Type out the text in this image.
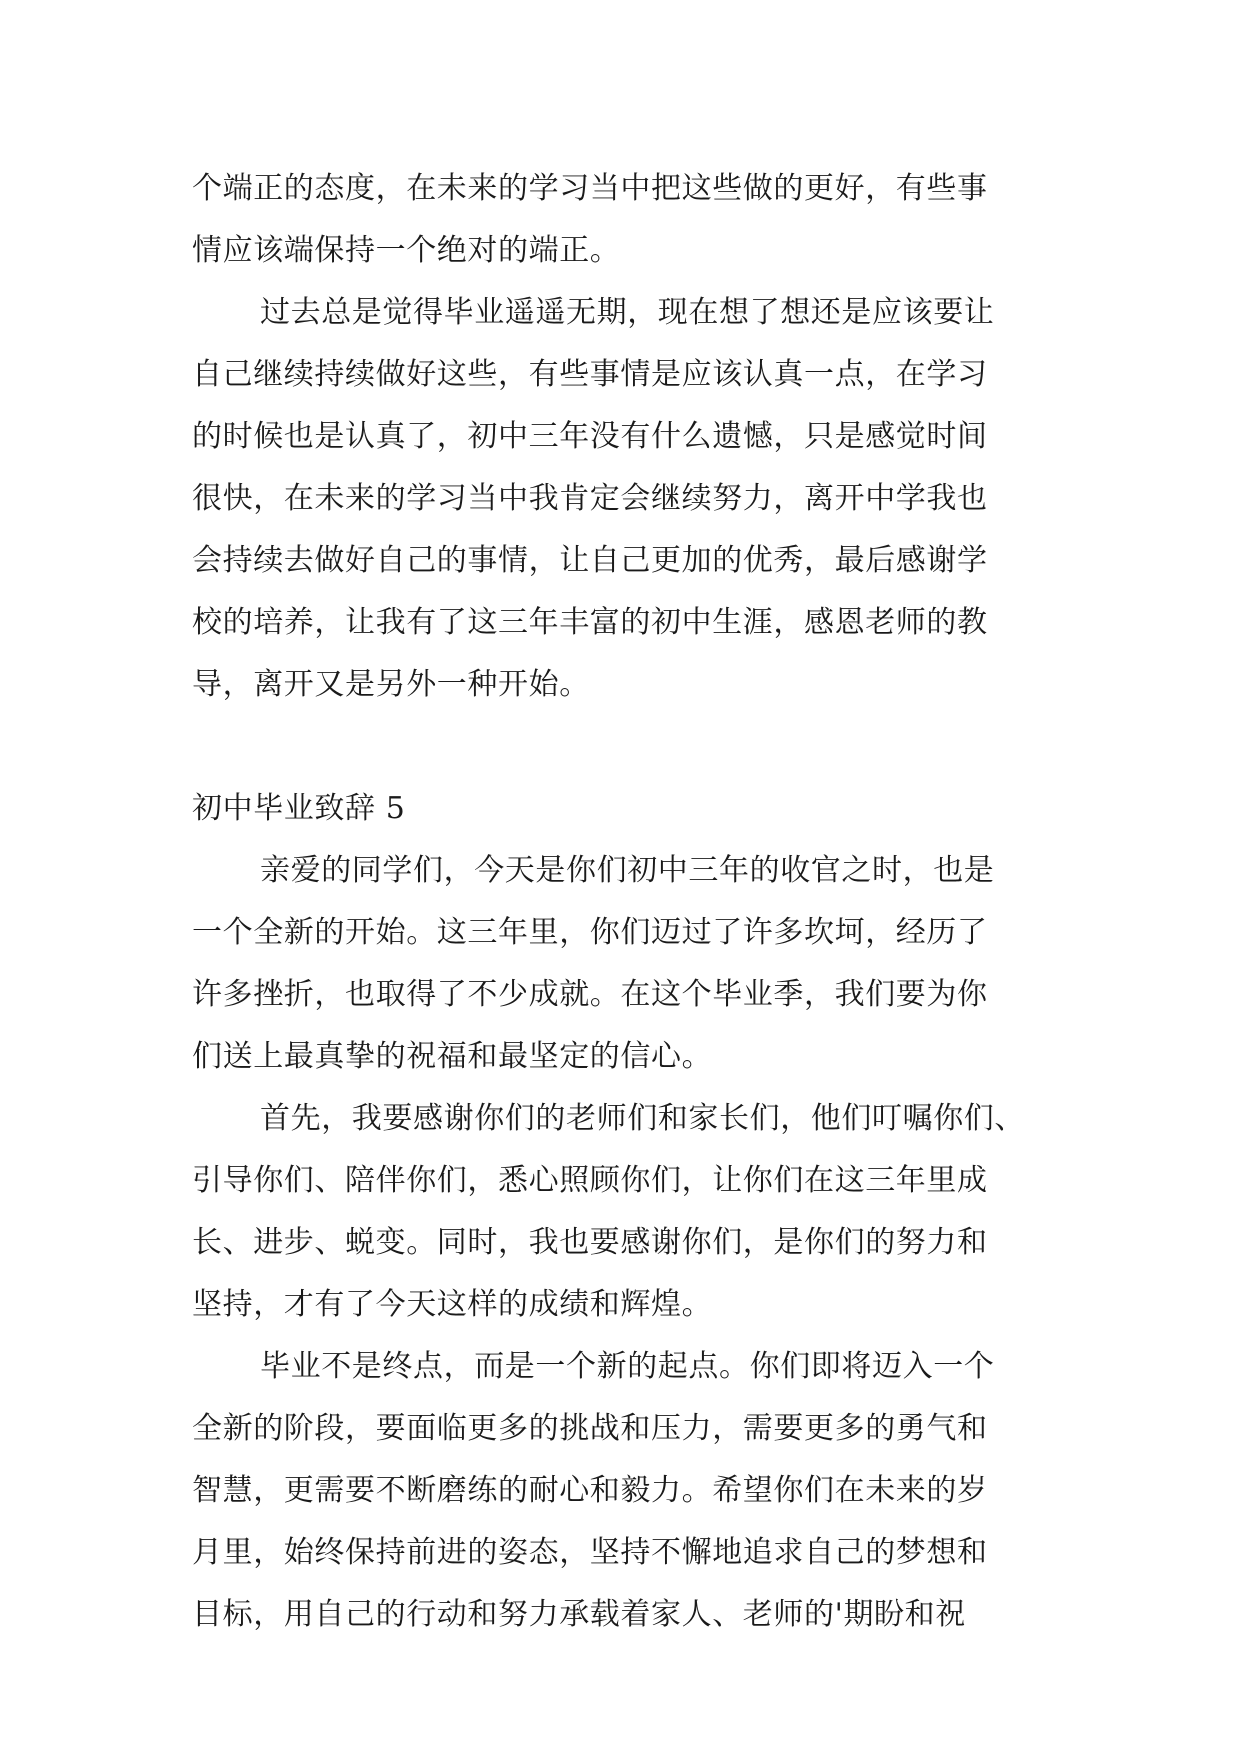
个端正的态度，在未来的学习当中把这些做的更好，有些事
情应该端保持一个绝对的端正。
过去总是觉得毕业遥遥无期，现在想了想还是应该要让
自己继续持续做好这些，有些事情是应该认真一点，在学习
的时候也是认真了，初中三年没有什么遗憾，只是感觉时间
很快，在未来的学习当中我肯定会继续努力，离开中学我也
会持续去做好自己的事情，让自己更加的优秀，最后感谢学
校的培养，让我有了这三年丰富的初中生涯，感恩老师的教
导，离开又是另外一种开始。
初中毕业致辞 5
亲爱的同学们，今天是你们初中三年的收官之时，也是
一个全新的开始。这三年里，你们迈过了许多坎坷，经历了
许多挫折，也取得了不少成就。在这个毕业季，我们要为你
们送上最真挚的祝福和最坚定的信心。
首先，我要感谢你们的老师们和家长们，他们叮嘱你们、
引导你们、陪伴你们，悉心照顾你们，让你们在这三年里成
长、进步、蜕变。同时，我也要感谢你们，是你们的努力和
坚持，才有了今天这样的成绩和辉煌。
毕业不是终点，而是一个新的起点。你们即将迈入一个
全新的阶段，要面临更多的挑战和压力，需要更多的勇气和
智慧，更需要不断磨练的耐心和毅力。希望你们在未来的岁
月里，始终保持前进的姿态，坚持不懈地追求自己的梦想和
目标，用自己的行动和努力承载着家人、老师的'期盼和祝
